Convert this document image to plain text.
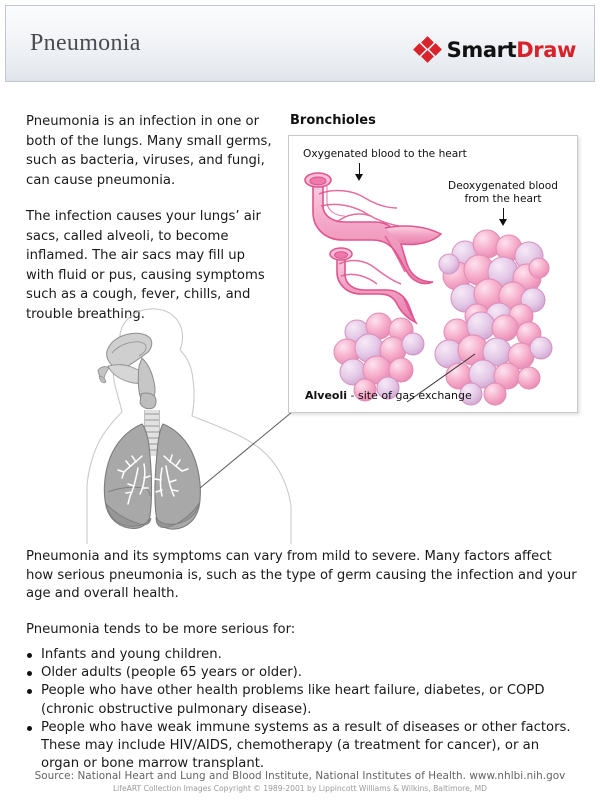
Pneumonia	SmartDraw

Pneumonia is an infection in one or both of the lungs. Many small germs, such as bacteria, viruses, and fungi, can cause pneumonia.

The infection causes your lungs’ air sacs, called alveoli, to become inflamed. The air sacs may fill up with fluid or pus, causing symptoms such as a cough, fever, chills, and trouble breathing.

Bronchioles
Oxygenated blood to the heart
Deoxygenated blood from the heart
Alveoli - site of gas exchange

Pneumonia and its symptoms can vary from mild to severe. Many factors affect how serious pneumonia is, such as the type of germ causing the infection and your age and overall health.

Pneumonia tends to be more serious for:

Infants and young children.
Older adults (people 65 years or older).
People who have other health problems like heart failure, diabetes, or COPD (chronic obstructive pulmonary disease).
People who have weak immune systems as a result of diseases or other factors. These may include HIV/AIDS, chemotherapy (a treatment for cancer), or an organ or bone marrow transplant.
Source: National Heart and Lung and Blood Institute, National Institutes of Health. www.nhlbi.nih.gov
LifeART Collection Images Copyright © 1989-2001 by Lippincott Williams & Wilkins, Baltimore, MD
